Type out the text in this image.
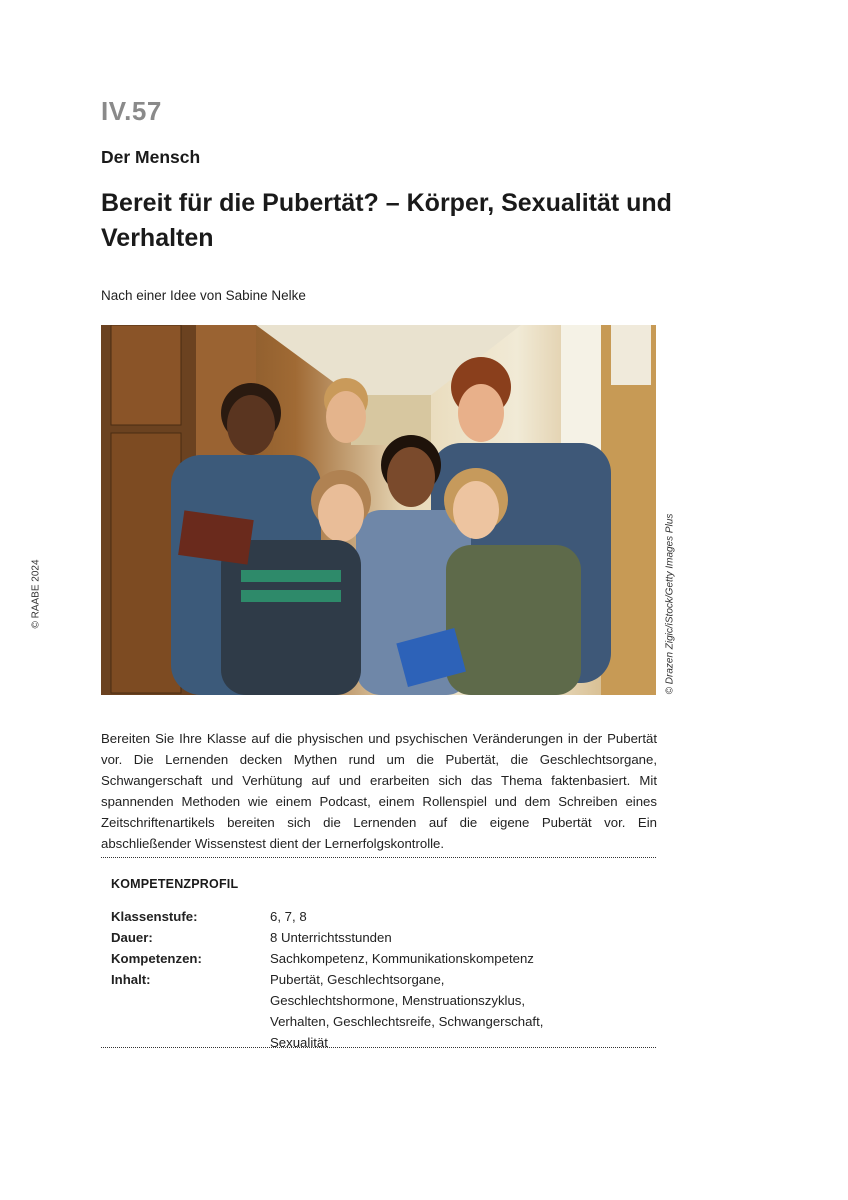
IV.57
Der Mensch
Bereit für die Pubertät? – Körper, Sexualität und Verhalten
Nach einer Idee von Sabine Nelke
© RAABE 2024	© Drazen Zigic/iStock/Getty Images Plus

Bereiten Sie Ihre Klasse auf die physischen und psychischen Veränderungen in der Pubertät vor. Die Lernenden decken Mythen rund um die Pubertät, die Geschlechtsorgane, Schwangerschaft und Verhütung auf und erarbeiten sich das Thema faktenbasiert. Mit spannenden Methoden wie einem Podcast, einem Rollenspiel und dem Schreiben eines Zeitschriftenartikels bereiten sich die Lernenden auf die eigene Pubertät vor. Ein abschließender Wissenstest dient der Lernerfolgskontrolle.

KOMPETENZPROFIL
Klassenstufe:	6, 7, 8
Dauer:	8 Unterrichtsstunden
Kompetenzen:	Sachkompetenz, Kommunikationskompetenz
Inhalt:	Pubertät, Geschlechtsorgane, Geschlechtshormone, Menstruationszyklus, Verhalten, Geschlechtsreife, Schwangerschaft, Sexualität
